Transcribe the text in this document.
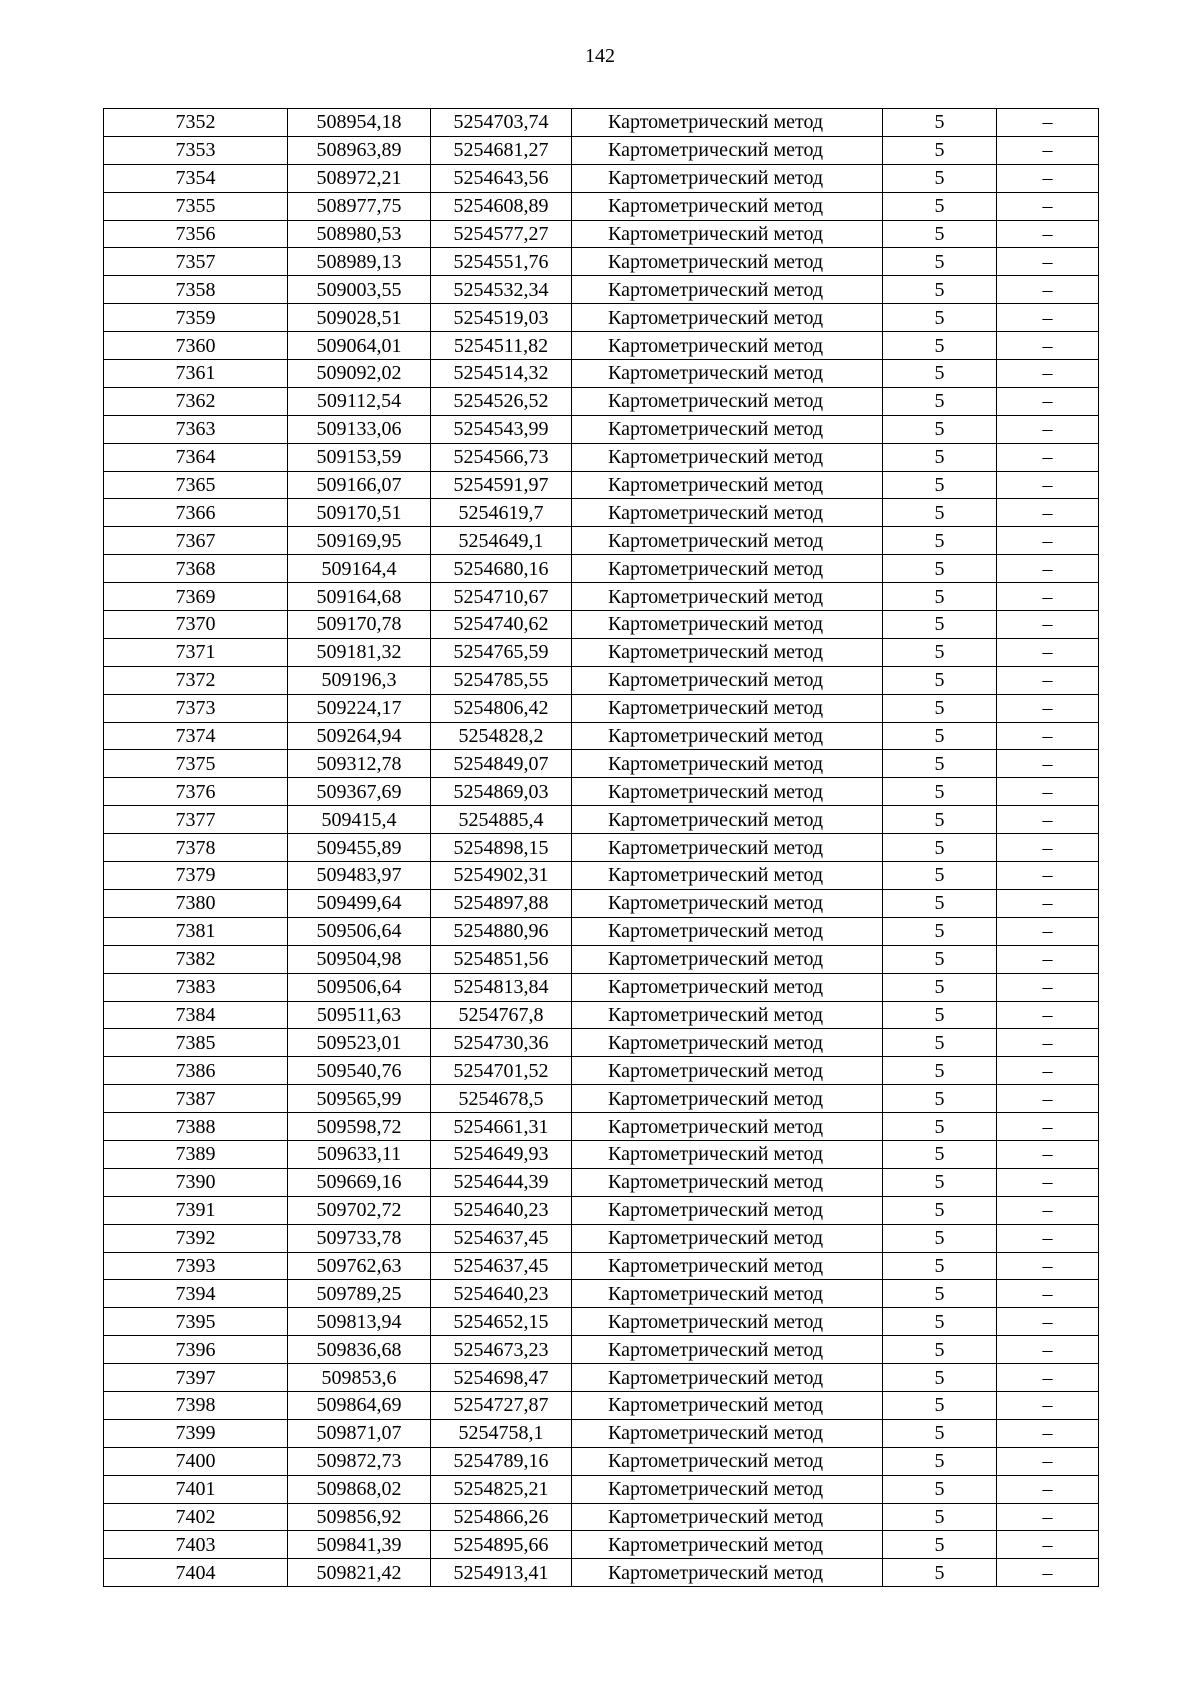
142
7352	508954,18	5254703,74	Картометрический метод	5	–
7353	508963,89	5254681,27	Картометрический метод	5	–
7354	508972,21	5254643,56	Картометрический метод	5	–
7355	508977,75	5254608,89	Картометрический метод	5	–
7356	508980,53	5254577,27	Картометрический метод	5	–
7357	508989,13	5254551,76	Картометрический метод	5	–
7358	509003,55	5254532,34	Картометрический метод	5	–
7359	509028,51	5254519,03	Картометрический метод	5	–
7360	509064,01	5254511,82	Картометрический метод	5	–
7361	509092,02	5254514,32	Картометрический метод	5	–
7362	509112,54	5254526,52	Картометрический метод	5	–
7363	509133,06	5254543,99	Картометрический метод	5	–
7364	509153,59	5254566,73	Картометрический метод	5	–
7365	509166,07	5254591,97	Картометрический метод	5	–
7366	509170,51	5254619,7	Картометрический метод	5	–
7367	509169,95	5254649,1	Картометрический метод	5	–
7368	509164,4	5254680,16	Картометрический метод	5	–
7369	509164,68	5254710,67	Картометрический метод	5	–
7370	509170,78	5254740,62	Картометрический метод	5	–
7371	509181,32	5254765,59	Картометрический метод	5	–
7372	509196,3	5254785,55	Картометрический метод	5	–
7373	509224,17	5254806,42	Картометрический метод	5	–
7374	509264,94	5254828,2	Картометрический метод	5	–
7375	509312,78	5254849,07	Картометрический метод	5	–
7376	509367,69	5254869,03	Картометрический метод	5	–
7377	509415,4	5254885,4	Картометрический метод	5	–
7378	509455,89	5254898,15	Картометрический метод	5	–
7379	509483,97	5254902,31	Картометрический метод	5	–
7380	509499,64	5254897,88	Картометрический метод	5	–
7381	509506,64	5254880,96	Картометрический метод	5	–
7382	509504,98	5254851,56	Картометрический метод	5	–
7383	509506,64	5254813,84	Картометрический метод	5	–
7384	509511,63	5254767,8	Картометрический метод	5	–
7385	509523,01	5254730,36	Картометрический метод	5	–
7386	509540,76	5254701,52	Картометрический метод	5	–
7387	509565,99	5254678,5	Картометрический метод	5	–
7388	509598,72	5254661,31	Картометрический метод	5	–
7389	509633,11	5254649,93	Картометрический метод	5	–
7390	509669,16	5254644,39	Картометрический метод	5	–
7391	509702,72	5254640,23	Картометрический метод	5	–
7392	509733,78	5254637,45	Картометрический метод	5	–
7393	509762,63	5254637,45	Картометрический метод	5	–
7394	509789,25	5254640,23	Картометрический метод	5	–
7395	509813,94	5254652,15	Картометрический метод	5	–
7396	509836,68	5254673,23	Картометрический метод	5	–
7397	509853,6	5254698,47	Картометрический метод	5	–
7398	509864,69	5254727,87	Картометрический метод	5	–
7399	509871,07	5254758,1	Картометрический метод	5	–
7400	509872,73	5254789,16	Картометрический метод	5	–
7401	509868,02	5254825,21	Картометрический метод	5	–
7402	509856,92	5254866,26	Картометрический метод	5	–
7403	509841,39	5254895,66	Картометрический метод	5	–
7404	509821,42	5254913,41	Картометрический метод	5	–
